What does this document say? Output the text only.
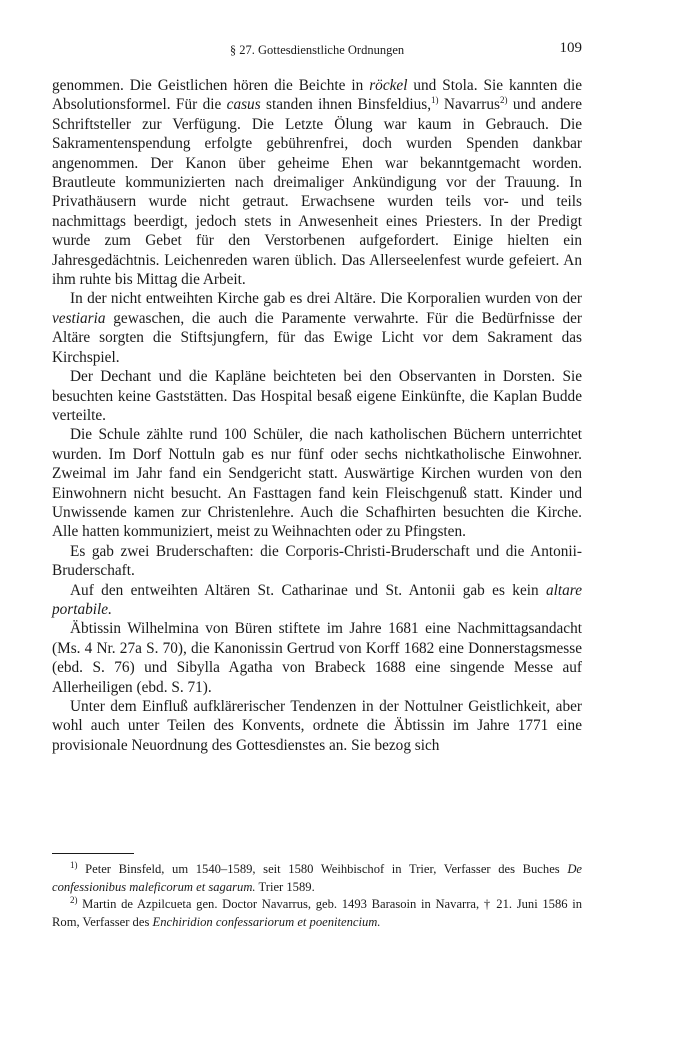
§ 27. Gottesdienstliche Ordnungen	109

genommen. Die Geistlichen hören die Beichte in röckel und Stola. Sie kannten die Absolutionsformel. Für die casus standen ihnen Binsfeldius,$^{1)}$ Navarrus$^{2)}$ und andere Schriftsteller zur Verfügung. Die Letzte Ölung war kaum in Gebrauch. Die Sakramentenspendung erfolgte gebührenfrei, doch wurden Spenden dankbar angenommen. Der Kanon über geheime Ehen war bekanntgemacht worden. Brautleute kommunizierten nach dreimaliger Ankündigung vor der Trauung. In Privathäusern wurde nicht getraut. Erwachsene wurden teils vor- und teils nachmittags beerdigt, jedoch stets in Anwesenheit eines Priesters. In der Predigt wurde zum Gebet für den Verstorbenen aufgefordert. Einige hielten ein Jahresgedächtnis. Leichenreden waren üblich. Das Allerseelenfest wurde gefeiert. An ihm ruhte bis Mittag die Arbeit.

In der nicht entweihten Kirche gab es drei Altäre. Die Korporalien wurden von der vestiaria gewaschen, die auch die Paramente verwahrte. Für die Bedürfnisse der Altäre sorgten die Stiftsjungfern, für das Ewige Licht vor dem Sakrament das Kirchspiel.

Der Dechant und die Kapläne beichteten bei den Observanten in Dorsten. Sie besuchten keine Gaststätten. Das Hospital besaß eigene Einkünfte, die Kaplan Budde verteilte.

Die Schule zählte rund 100 Schüler, die nach katholischen Büchern unterrichtet wurden. Im Dorf Nottuln gab es nur fünf oder sechs nichtkatholische Einwohner. Zweimal im Jahr fand ein Sendgericht statt. Auswärtige Kirchen wurden von den Einwohnern nicht besucht. An Fasttagen fand kein Fleischgenuß statt. Kinder und Unwissende kamen zur Christenlehre. Auch die Schafhirten besuchten die Kirche. Alle hatten kommuniziert, meist zu Weihnachten oder zu Pfingsten.

Es gab zwei Bruderschaften: die Corporis-Christi-Bruderschaft und die Antonii-Bruderschaft.

Auf den entweihten Altären St. Catharinae und St. Antonii gab es kein altare portabile.

Äbtissin Wilhelmina von Büren stiftete im Jahre 1681 eine Nachmittagsandacht (Ms. 4 Nr. 27a S. 70), die Kanonissin Gertrud von Korff 1682 eine Donnerstagsmesse (ebd. S. 76) und Sibylla Agatha von Brabeck 1688 eine singende Messe auf Allerheiligen (ebd. S. 71).

Unter dem Einfluß aufklärerischer Tendenzen in der Nottulner Geistlichkeit, aber wohl auch unter Teilen des Konvents, ordnete die Äbtissin im Jahre 1771 eine provisionale Neuordnung des Gottesdienstes an. Sie bezog sich

$^{1)}$ Peter Binsfeld, um 1540–1589, seit 1580 Weihbischof in Trier, Verfasser des Buches De confessionibus maleficorum et sagarum. Trier 1589.

$^{2)}$ Martin de Azpilcueta gen. Doctor Navarrus, geb. 1493 Barasoin in Navarra, † 21. Juni 1586 in Rom, Verfasser des Enchiridion confessariorum et poenitencium.
